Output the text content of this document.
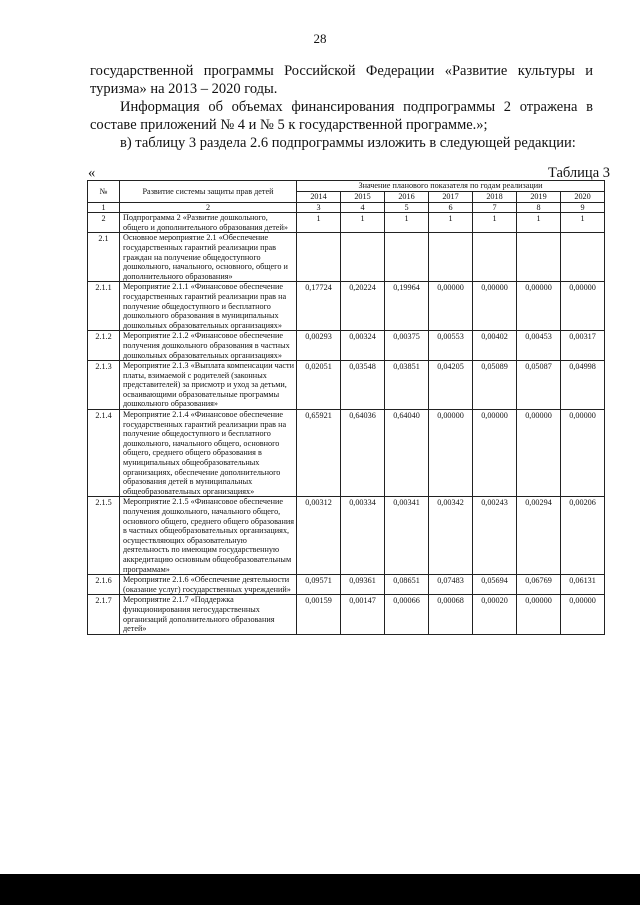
28
государственной программы Российской Федерации «Развитие культуры и туризма» на 2013 – 2020 годы.
Информация об объемах финансирования подпрограммы 2 отражена в составе приложений № 4 и № 5 к государственной программе.»;
в) таблицу 3 раздела 2.6 подпрограммы изложить в следующей редакции:
«	Таблица 3
№	Развитие системы защиты прав детей	Значение планового показателя по годам реализации						
		2014	2015	2016	2017	2018	2019	2020
1	2	3	4	5	6	7	8	9
2	Подпрограмма 2 «Развитие дошкольного, общего и дополнительного образования детей»	1	1	1	1	1	1	1
2.1	Основное мероприятие 2.1 «Обеспечение государственных гарантий реализации прав граждан на получение общедоступного дошкольного, начального, основного, общего и дополнительного образования»							
2.1.1	Мероприятие 2.1.1 «Финансовое обеспечение государственных гарантий реализации прав на получение общедоступного и бесплатного дошкольного образования в муниципальных дошкольных образовательных организациях»	0,17724	0,20224	0,19964	0,00000	0,00000	0,00000	0,00000
2.1.2	Мероприятие 2.1.2 «Финансовое обеспечение получения дошкольного образования в частных дошкольных образовательных организациях»	0,00293	0,00324	0,00375	0,00553	0,00402	0,00453	0,00317
2.1.3	Мероприятие 2.1.3 «Выплата компенсации части платы, взимаемой с родителей (законных представителей) за присмотр и уход за детьми, осваивающими образовательные программы дошкольного образования»	0,02051	0,03548	0,03851	0,04205	0,05089	0,05087	0,04998
2.1.4	Мероприятие 2.1.4 «Финансовое обеспечение государственных гарантий реализации прав на получение общедоступного и бесплатного дошкольного, начального общего, основного общего, среднего общего образования в муниципальных общеобразовательных организациях, обеспечение дополнительного образования детей в муниципальных общеобразовательных организациях»	0,65921	0,64036	0,64040	0,00000	0,00000	0,00000	0,00000
2.1.5	Мероприятие 2.1.5 «Финансовое обеспечение получения дошкольного, начального общего, основного общего, среднего общего образования в частных общеобразовательных организациях, осуществляющих образовательную деятельность по имеющим государственную аккредитацию основным общеобразовательным программам»	0,00312	0,00334	0,00341	0,00342	0,00243	0,00294	0,00206
2.1.6	Мероприятие 2.1.6 «Обеспечение деятельности (оказание услуг) государственных учреждений»	0,09571	0,09361	0,08651	0,07483	0,05694	0,06769	0,06131
2.1.7	Мероприятие 2.1.7 «Поддержка функционирования негосударственных организаций дополнительного образования детей»	0,00159	0,00147	0,00066	0,00068	0,00020	0,00000	0,00000
